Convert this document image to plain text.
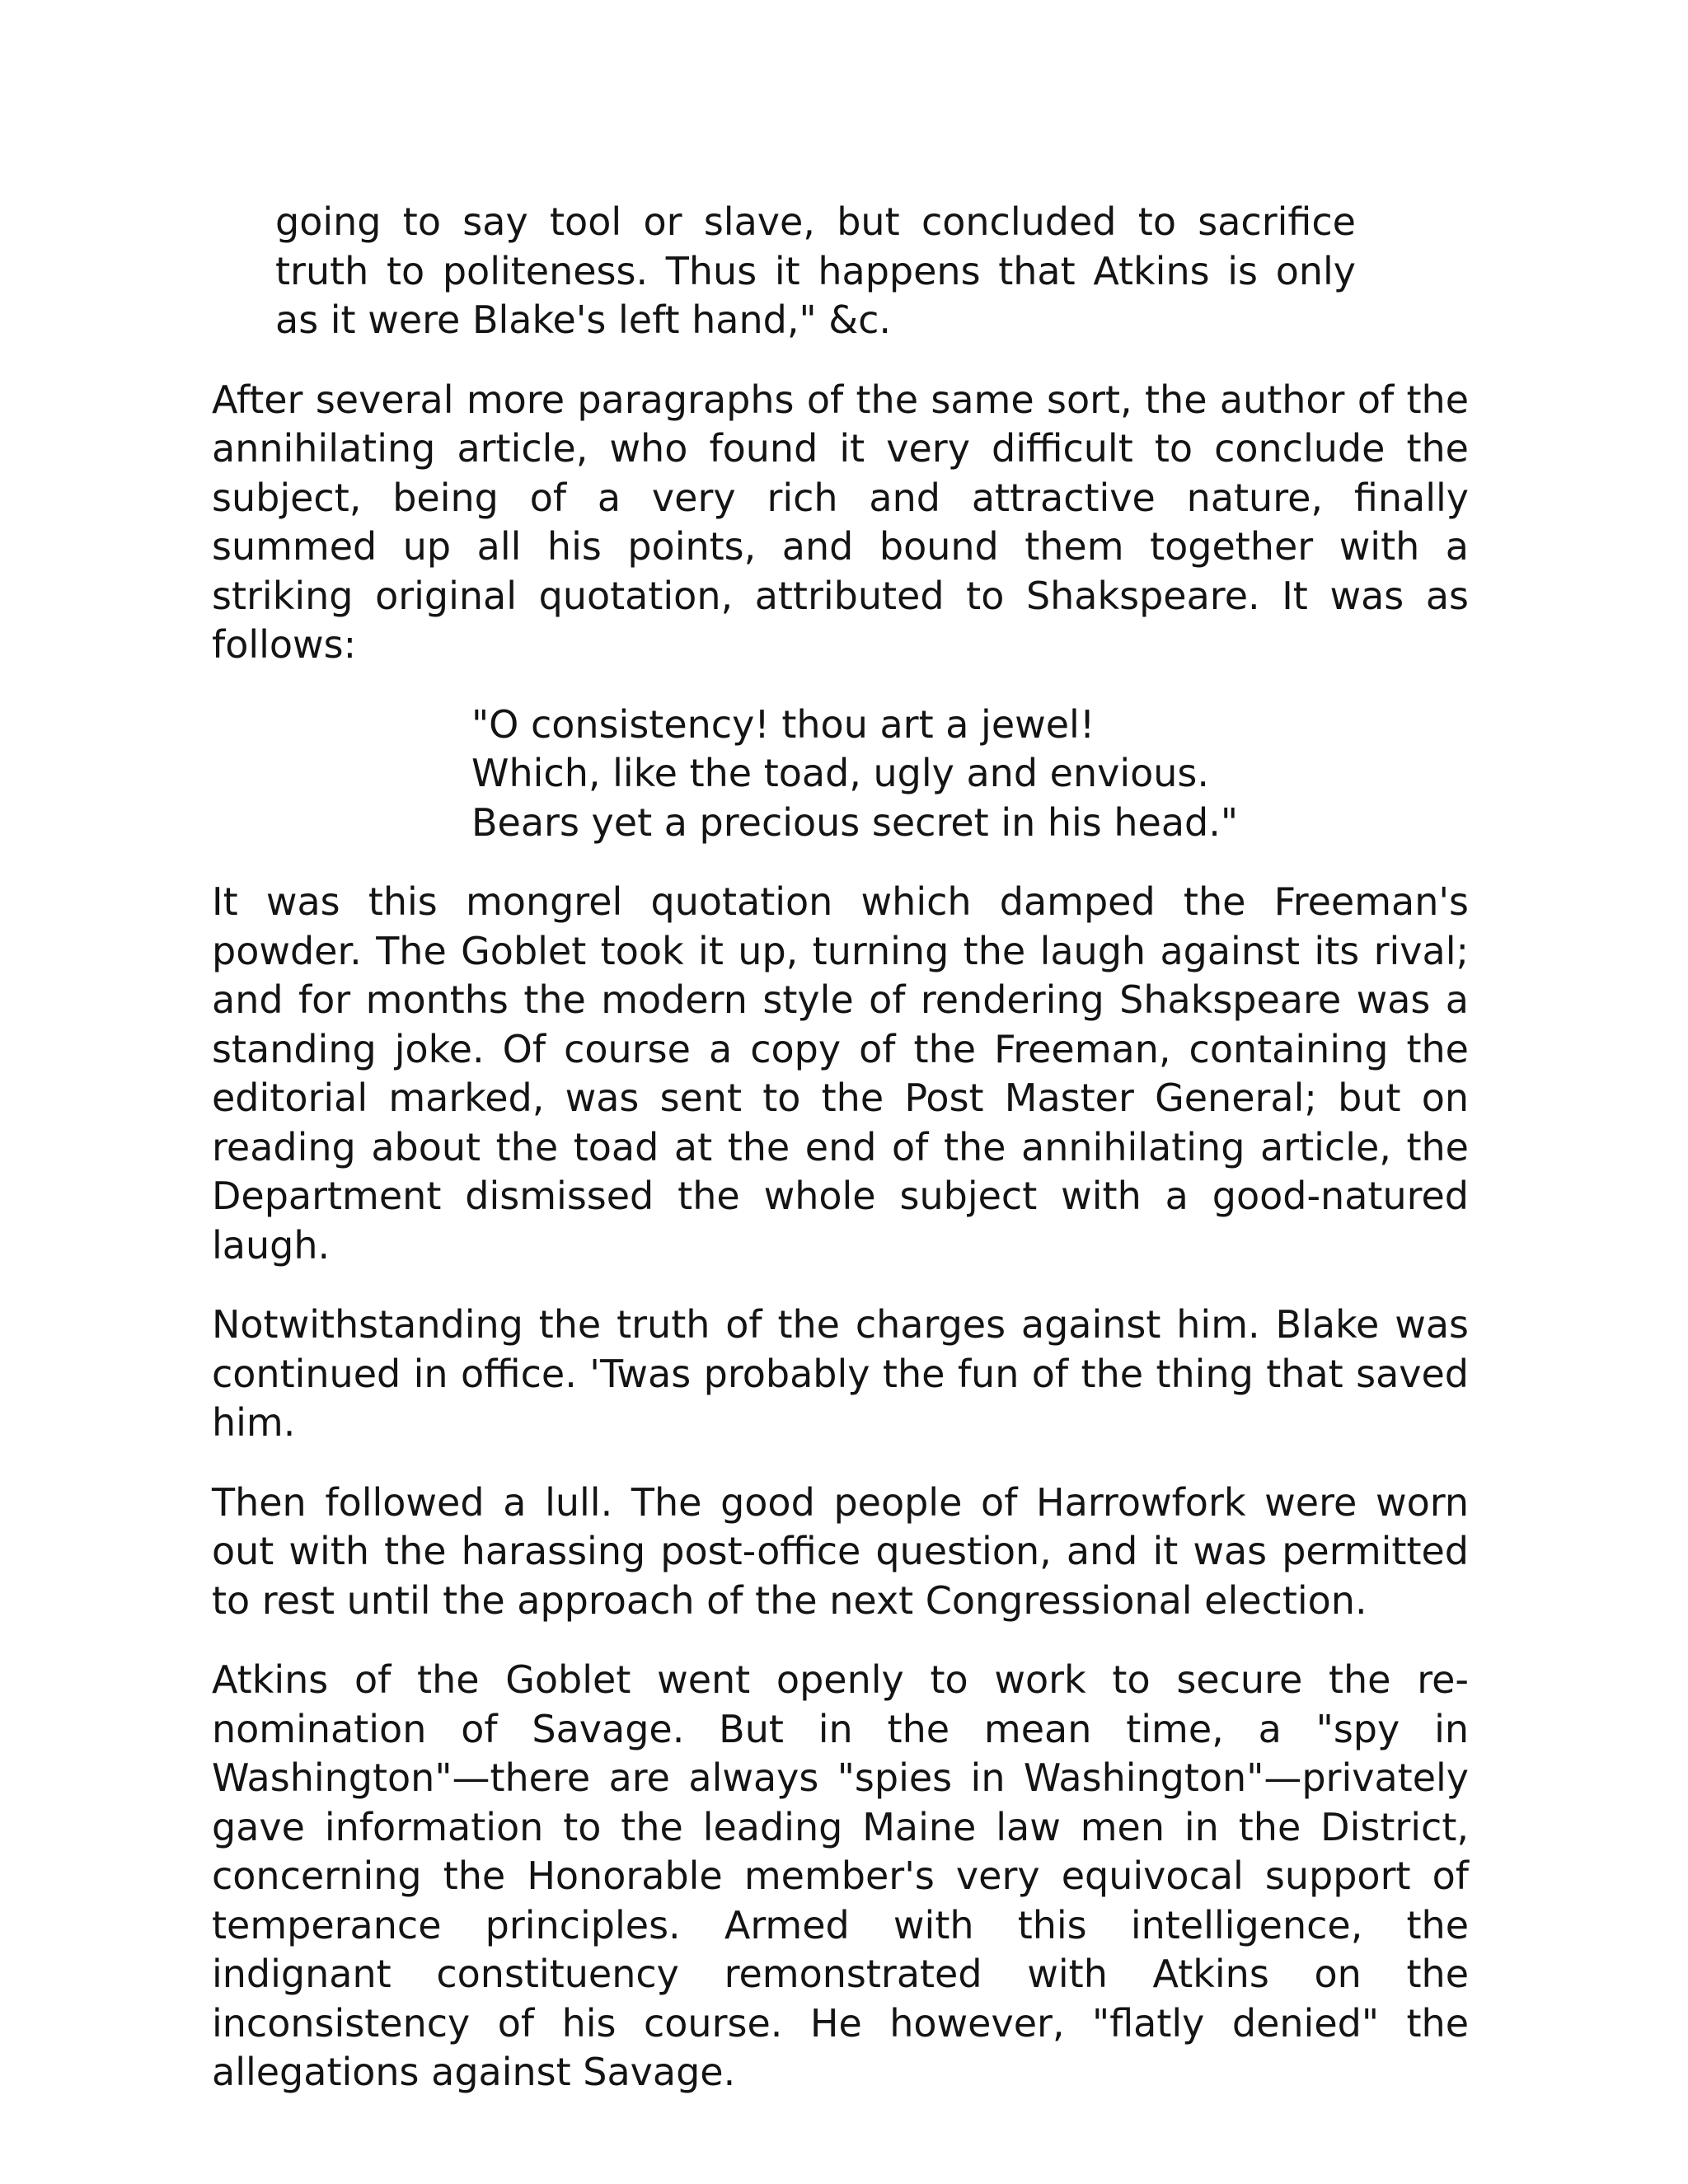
going to say tool or slave, but concluded to sacrifice truth to politeness. Thus it happens that Atkins is only as it were Blake's left hand," &c.

After several more paragraphs of the same sort, the author of the annihilating article, who found it very difficult to conclude the subject, being of a very rich and attractive nature, finally summed up all his points, and bound them together with a striking original quotation, attributed to Shakspeare. It was as follows:

"O consistency! thou art a jewel!
Which, like the toad, ugly and envious.
Bears yet a precious secret in his head."

It was this mongrel quotation which damped the Freeman's powder. The Goblet took it up, turning the laugh against its rival; and for months the modern style of rendering Shakspeare was a standing joke. Of course a copy of the Freeman, containing the editorial marked, was sent to the Post Master General; but on reading about the toad at the end of the annihilating article, the Department dismissed the whole subject with a good-natured laugh.

Notwithstanding the truth of the charges against him. Blake was continued in office. 'Twas probably the fun of the thing that saved him.

Then followed a lull. The good people of Harrowfork were worn out with the harassing post-office question, and it was permitted to rest until the approach of the next Congressional election.

Atkins of the Goblet went openly to work to secure the re-nomination of Savage. But in the mean time, a "spy in Washington"—there are always "spies in Washington"—privately gave information to the leading Maine law men in the District, concerning the Honorable member's very equivocal support of temperance principles. Armed with this intelligence, the indignant constituency remonstrated with Atkins on the inconsistency of his course. He however, "flatly denied" the allegations against Savage.
